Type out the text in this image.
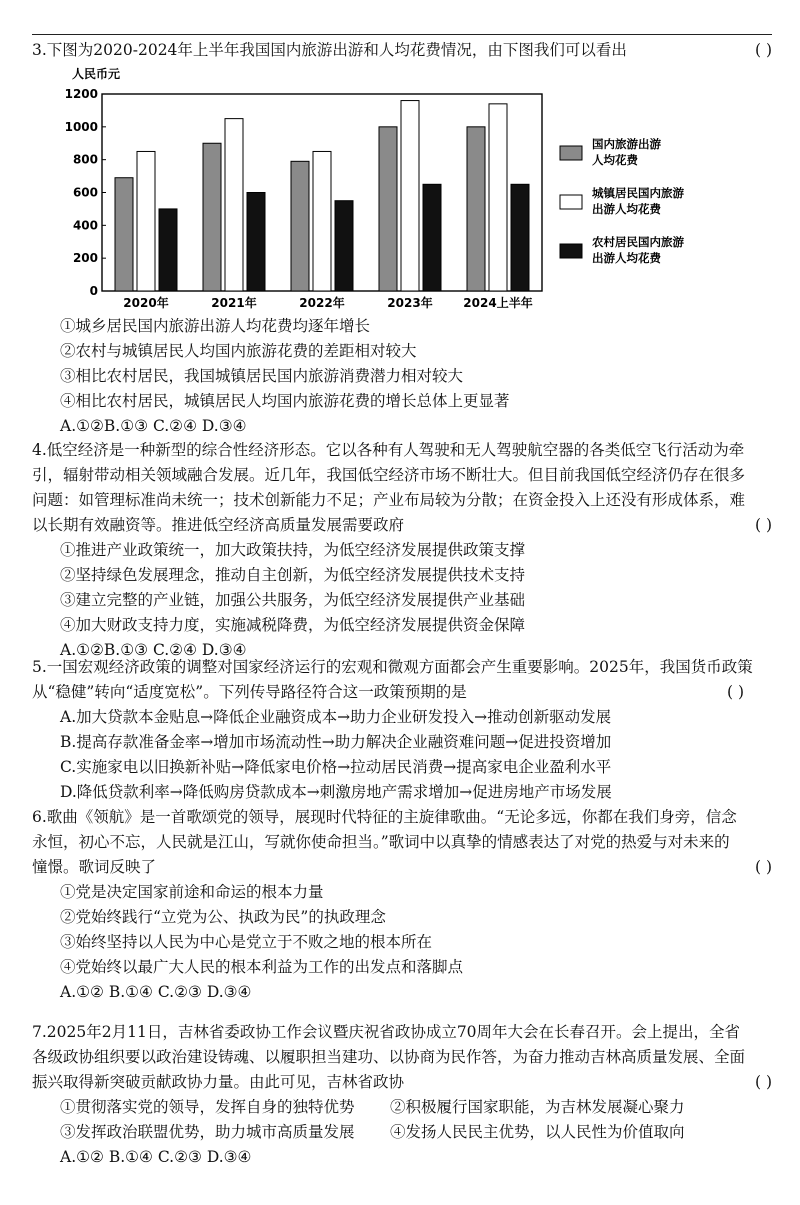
3.下图为2020-2024年上半年我国国内旅游出游和人均花费情况，由下图我们可以看出	( )

人民币元
0
200
400
600
800
1000
1200
2020年	2021年	2022年	2023年	2024上半年
国内旅游出游
人均花费
城镇居民国内旅游
出游人均花费
农村居民国内旅游
出游人均花费

①城乡居民国内旅游出游人均花费均逐年增长

②农村与城镇居民人均国内旅游花费的差距相对较大

③相比农村居民，我国城镇居民国内旅游消费潜力相对较大

④相比农村居民，城镇居民人均国内旅游花费的增长总体上更显著

A.①②B.①③ C.②④ D.③④

4.低空经济是一种新型的综合性经济形态。它以各种有人驾驶和无人驾驶航空器的各类低空飞行活动为牵

引，辐射带动相关领域融合发展。近几年，我国低空经济市场不断壮大。但目前我国低空经济仍存在很多

问题：如管理标准尚未统一；技术创新能力不足；产业布局较为分散；在资金投入上还没有形成体系，难

以长期有效融资等。推进低空经济高质量发展需要政府	( )

①推进产业政策统一，加大政策扶持，为低空经济发展提供政策支撑

②坚持绿色发展理念，推动自主创新，为低空经济发展提供技术支持

③建立完整的产业链，加强公共服务，为低空经济发展提供产业基础

④加大财政支持力度，实施减税降费，为低空经济发展提供资金保障

A.①②B.①③ C.②④ D.③④

5.一国宏观经济政策的调整对国家经济运行的宏观和微观方面都会产生重要影响。2025年，我国货币政策

从“稳健”转向“适度宽松”。下列传导路径符合这一政策预期的是	( )

A.加大贷款本金贴息→降低企业融资成本→助力企业研发投入→推动创新驱动发展

B.提高存款准备金率→增加市场流动性→助力解决企业融资难问题→促进投资增加

C.实施家电以旧换新补贴→降低家电价格→拉动居民消费→提高家电企业盈利水平

D.降低贷款利率→降低购房贷款成本→刺激房地产需求增加→促进房地产市场发展

6.歌曲《领航》是一首歌颂党的领导，展现时代特征的主旋律歌曲。“无论多远，你都在我们身旁，信念

永恒，初心不忘，人民就是江山，写就你使命担当。”歌词中以真挚的情感表达了对党的热爱与对未来的

憧憬。歌词反映了	( )

①党是决定国家前途和命运的根本力量

②党始终践行“立党为公、执政为民”的执政理念

③始终坚持以人民为中心是党立于不败之地的根本所在

④党始终以最广大人民的根本利益为工作的出发点和落脚点

A.①② B.①④ C.②③ D.③④

7.2025年2月11日，吉林省委政协工作会议暨庆祝省政协成立70周年大会在长春召开。会上提出，全省

各级政协组织要以政治建设铸魂、以履职担当建功、以协商为民作答，为奋力推动吉林高质量发展、全面

振兴取得新突破贡献政协力量。由此可见，吉林省政协	( )

①贯彻落实党的领导，发挥自身的独特优势	②积极履行国家职能，为吉林发展凝心聚力

③发挥政治联盟优势，助力城市高质量发展	④发扬人民民主优势，以人民性为价值取向

A.①② B.①④ C.②③ D.③④
